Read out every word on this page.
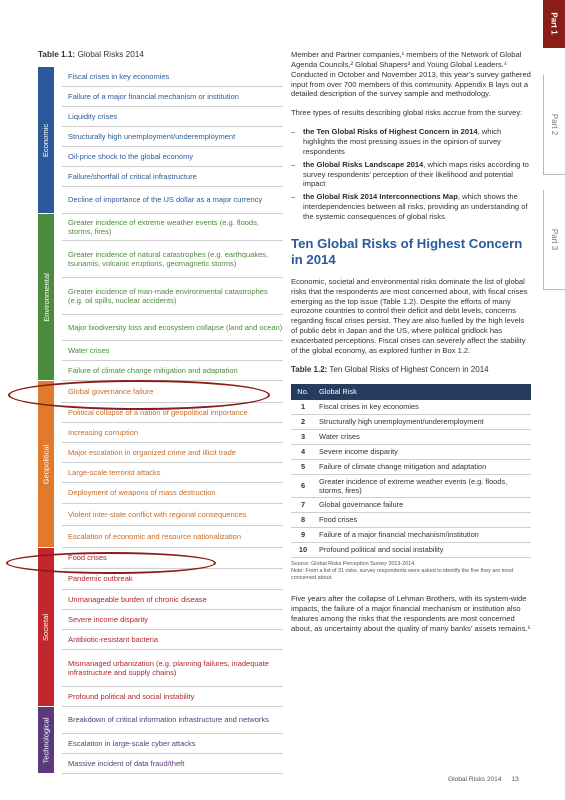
Part 1
Part 2
Part 3
Table 1.1: Global Risks 2014
Economic
Fiscal crises in key economies
Failure of a major financial mechanism or institution
Liquidity crises
Structurally high unemployment/underemployment
Oil-price shock to the global economy
Failure/shortfall of critical infrastructure
Decline of importance of the US dollar as a major currency
Environmental
Greater incidence of extreme weather events (e.g. floods, storms, fires)
Greater incidence of natural catastrophes (e.g. earthquakes, tsunamis, volcanic eruptions, geomagnetic storms)
Greater incidence of man-made environmental catastrophes (e.g. oil spills, nuclear accidents)
Major biodiversity loss and ecosystem collapse (land and ocean)
Water crises
Failure of climate change mitigation and adaptation
Geopolitical
Global governance failure
Political collapse of a nation of geopolitical importance
Increasing corruption
Major escalation in organized crime and illicit trade
Large-scale terrorist attacks
Deployment of weapons of mass destruction
Violent inter-state conflict with regional consequences
Escalation of economic and resource nationalization
Societal
Food crises
Pandemic outbreak
Unmanageable burden of chronic disease
Severe income disparity
Antibiotic-resistant bacteria
Mismanaged urbanization (e.g. planning failures, inadequate infrastructure and supply chains)
Profound political and social instability
Technological	Breakdown of critical information infrastructure and networks
Escalation in large-scale cyber attacks
Massive incident of data fraud/theft

Member and Partner companies,¹ members of the Network of Global Agenda Councils,² Global Shapers³ and Young Global Leaders.⁴ Conducted in October and November 2013, this year’s survey gathered input from over 700 members of this community. Appendix B lays out a detailed description of the survey sample and methodology.

Three types of results describing global risks accrue from the survey:

– the Ten Global Risks of Highest Concern in 2014, which highlights the most pressing issues in the opinion of survey respondents
– the Global Risks Landscape 2014, which maps risks according to survey respondents’ perception of their likelihood and potential impact
– the Global Risk 2014 Interconnections Map, which shows the interdependencies between all risks, providing an understanding of the systemic consequences of global risks.
Ten Global Risks of Highest Concern in 2014

Economic, societal and environmental risks dominate the list of global risks that the respondents are most concerned about, with fiscal crises emerging as the top issue (Table 1.2). Despite the efforts of many eurozone countries to control their deficit and debt levels, concerns regarding fiscal crises persist. They are also fuelled by the high levels of public debt in Japan and the US, where political gridlock has exacerbated perceptions. Fiscal crises can severely affect the stability of the global economy, as explored further in Box 1.2.

Table 1.2: Ten Global Risks of Highest Concern in 2014
No.	Global Risk
1	Fiscal crises in key economies
2	Structurally high unemployment/underemployment
3	Water crises
4	Severe income disparity
5	Failure of climate change mitigation and adaptation
6	Greater incidence of extreme weather events (e.g. floods, storms, fires)
7	Global governance failure
8	Food crises
9	Failure of a major financial mechanism/institution
10	Profound political and social instability
Source: Global Risks Perception Survey 2013-2014.
Note: From a list of 31 risks, survey respondents were asked to identify the five they are most concerned about.

Five years after the collapse of Lehman Brothers, with its system-wide impacts, the failure of a major financial mechanism or institution also features among the risks that the respondents are most concerned about, as uncertainty about the quality of many banks’ assets remains.⁵

Global Risks 2014 13
